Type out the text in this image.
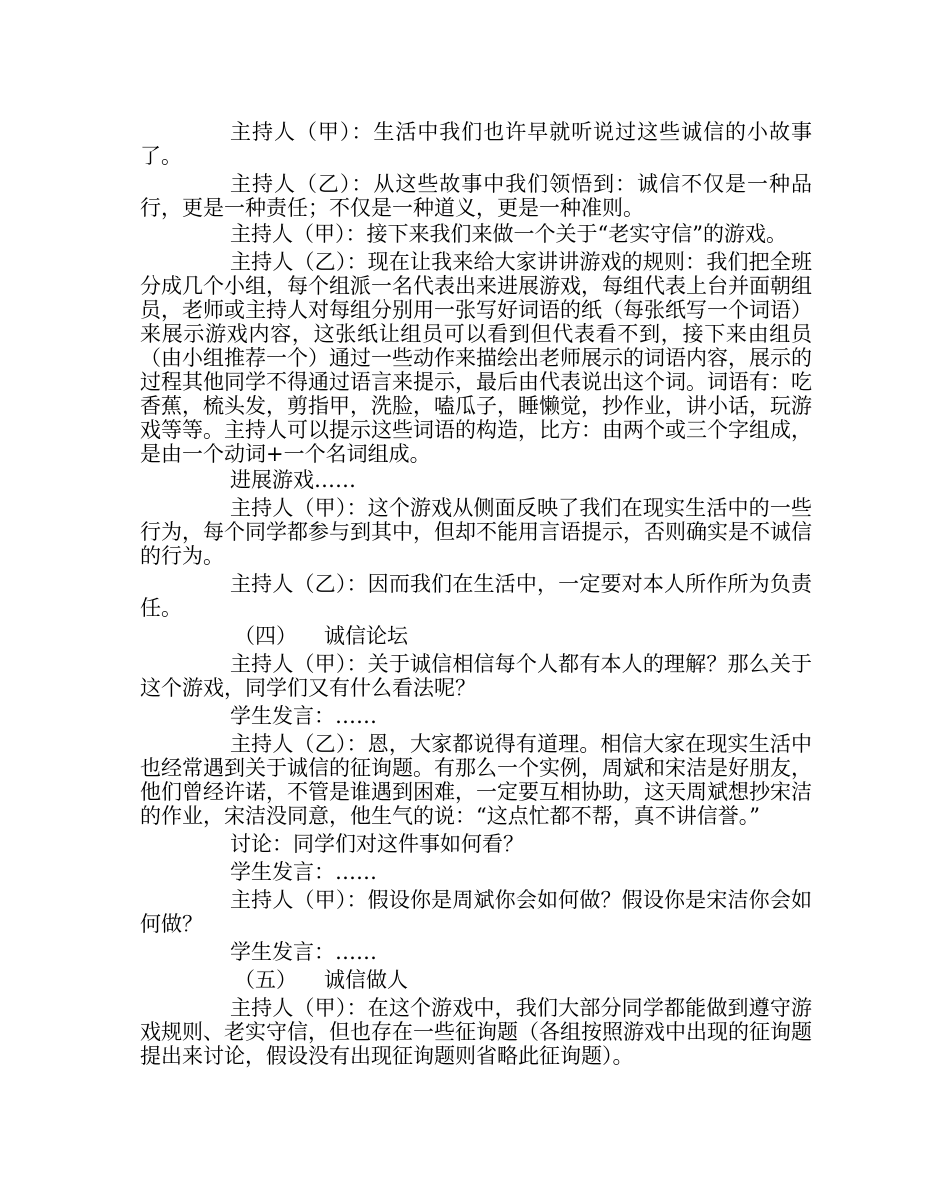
主持人（甲）：生活中我们也许早就听说过这些诚信的小故事了。

主持人（乙）：从这些故事中我们领悟到：诚信不仅是一种品行，更是一种责任；不仅是一种道义，更是一种准则。

主持人（甲）：接下来我们来做一个关于“老实守信”的游戏。

主持人（乙）：现在让我来给大家讲讲游戏的规则：我们把全班分成几个小组，每个组派一名代表出来进展游戏，每组代表上台并面朝组员，老师或主持人对每组分别用一张写好词语的纸（每张纸写一个词语）来展示游戏内容，这张纸让组员可以看到但代表看不到，接下来由组员（由小组推荐一个）通过一些动作来描绘出老师展示的词语内容，展示的过程其他同学不得通过语言来提示，最后由代表说出这个词。词语有：吃香蕉，梳头发，剪指甲，洗脸，嗑瓜子，睡懒觉，抄作业，讲小话，玩游戏等等。主持人可以提示这些词语的构造，比方：由两个或三个字组成，是由一个动词+一个名词组成。

进展游戏……

主持人（甲）：这个游戏从侧面反映了我们在现实生活中的一些行为，每个同学都参与到其中，但却不能用言语提示，否则确实是不诚信的行为。

主持人（乙）：因而我们在生活中，一定要对本人所作所为负责任。

（四） 诚信论坛

主持人（甲）：关于诚信相信每个人都有本人的理解？那么关于这个游戏，同学们又有什么看法呢？

学生发言：……

主持人（乙）：恩，大家都说得有道理。相信大家在现实生活中也经常遇到关于诚信的征询题。有那么一个实例，周斌和宋洁是好朋友，他们曾经许诺，不管是谁遇到困难，一定要互相协助，这天周斌想抄宋洁的作业，宋洁没同意，他生气的说：“这点忙都不帮，真不讲信誉。”

讨论：同学们对这件事如何看？

学生发言：……

主持人（甲）：假设你是周斌你会如何做？假设你是宋洁你会如何做？

学生发言：……

（五） 诚信做人

主持人（甲）：在这个游戏中，我们大部分同学都能做到遵守游戏规则、老实守信，但也存在一些征询题（各组按照游戏中出现的征询题提出来讨论，假设没有出现征询题则省略此征询题）。
